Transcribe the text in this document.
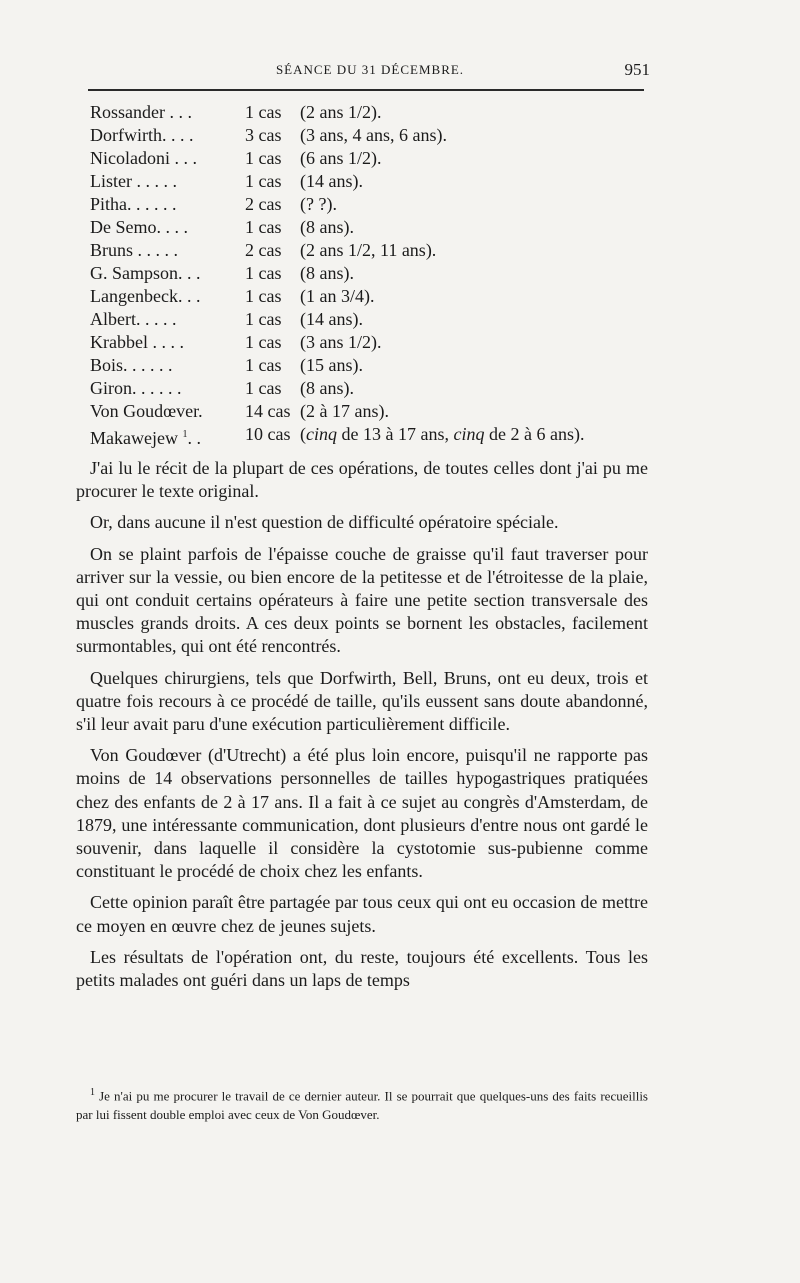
SÉANCE DU 31 DÉCEMBRE.	951
Rossander . . .	1 cas (2 ans 1/2).
Dorfwirth. . . .	3 cas (3 ans, 4 ans, 6 ans).
Nicoladoni . . .	1 cas (6 ans 1/2).
Lister . . . . .	1 cas (14 ans).
Pitha. . . . . .	2 cas (? ?).
De Semo. . . .	1 cas (8 ans).
Bruns . . . . .	2 cas (2 ans 1/2, 11 ans).
G. Sampson. . . 1 cas (8 ans).
Langenbeck. . . 1 cas (1 an 3/4).
Albert. . . . .	1 cas (14 ans).
Krabbel . . . .	1 cas (3 ans 1/2).
Bois. . . . . .	1 cas (15 ans).
Giron. . . . . .	1 cas (8 ans).
Von Goudœver. 14 cas (2 à 17 ans).
Makawejew $^1$. . 10 cas (cinq de 13 à 17 ans, cinq de 2 à 6 ans).

J'ai lu le récit de la plupart de ces opérations, de toutes celles dont j'ai pu me procurer le texte original.

Or, dans aucune il n'est question de difficulté opératoire spéciale.

On se plaint parfois de l'épaisse couche de graisse qu'il faut traverser pour arriver sur la vessie, ou bien encore de la petitesse et de l'étroitesse de la plaie, qui ont conduit certains opérateurs à faire une petite section transversale des muscles grands droits. A ces deux points se bornent les obstacles, facilement surmontables, qui ont été rencontrés.

Quelques chirurgiens, tels que Dorfwirth, Bell, Bruns, ont eu deux, trois et quatre fois recours à ce procédé de taille, qu'ils eussent sans doute abandonné, s'il leur avait paru d'une exécution particulièrement difficile.

Von Goudœver (d'Utrecht) a été plus loin encore, puisqu'il ne rapporte pas moins de 14 observations personnelles de tailles hypogastriques pratiquées chez des enfants de 2 à 17 ans. Il a fait à ce sujet au congrès d'Amsterdam, de 1879, une intéressante communication, dont plusieurs d'entre nous ont gardé le souvenir, dans laquelle il considère la cystotomie sus-pubienne comme constituant le procédé de choix chez les enfants.

Cette opinion paraît être partagée par tous ceux qui ont eu occasion de mettre ce moyen en œuvre chez de jeunes sujets.

Les résultats de l'opération ont, du reste, toujours été excellents. Tous les petits malades ont guéri dans un laps de temps

$^1$ Je n'ai pu me procurer le travail de ce dernier auteur. Il se pourrait que quelques-uns des faits recueillis par lui fissent double emploi avec ceux de Von Goudœver.
